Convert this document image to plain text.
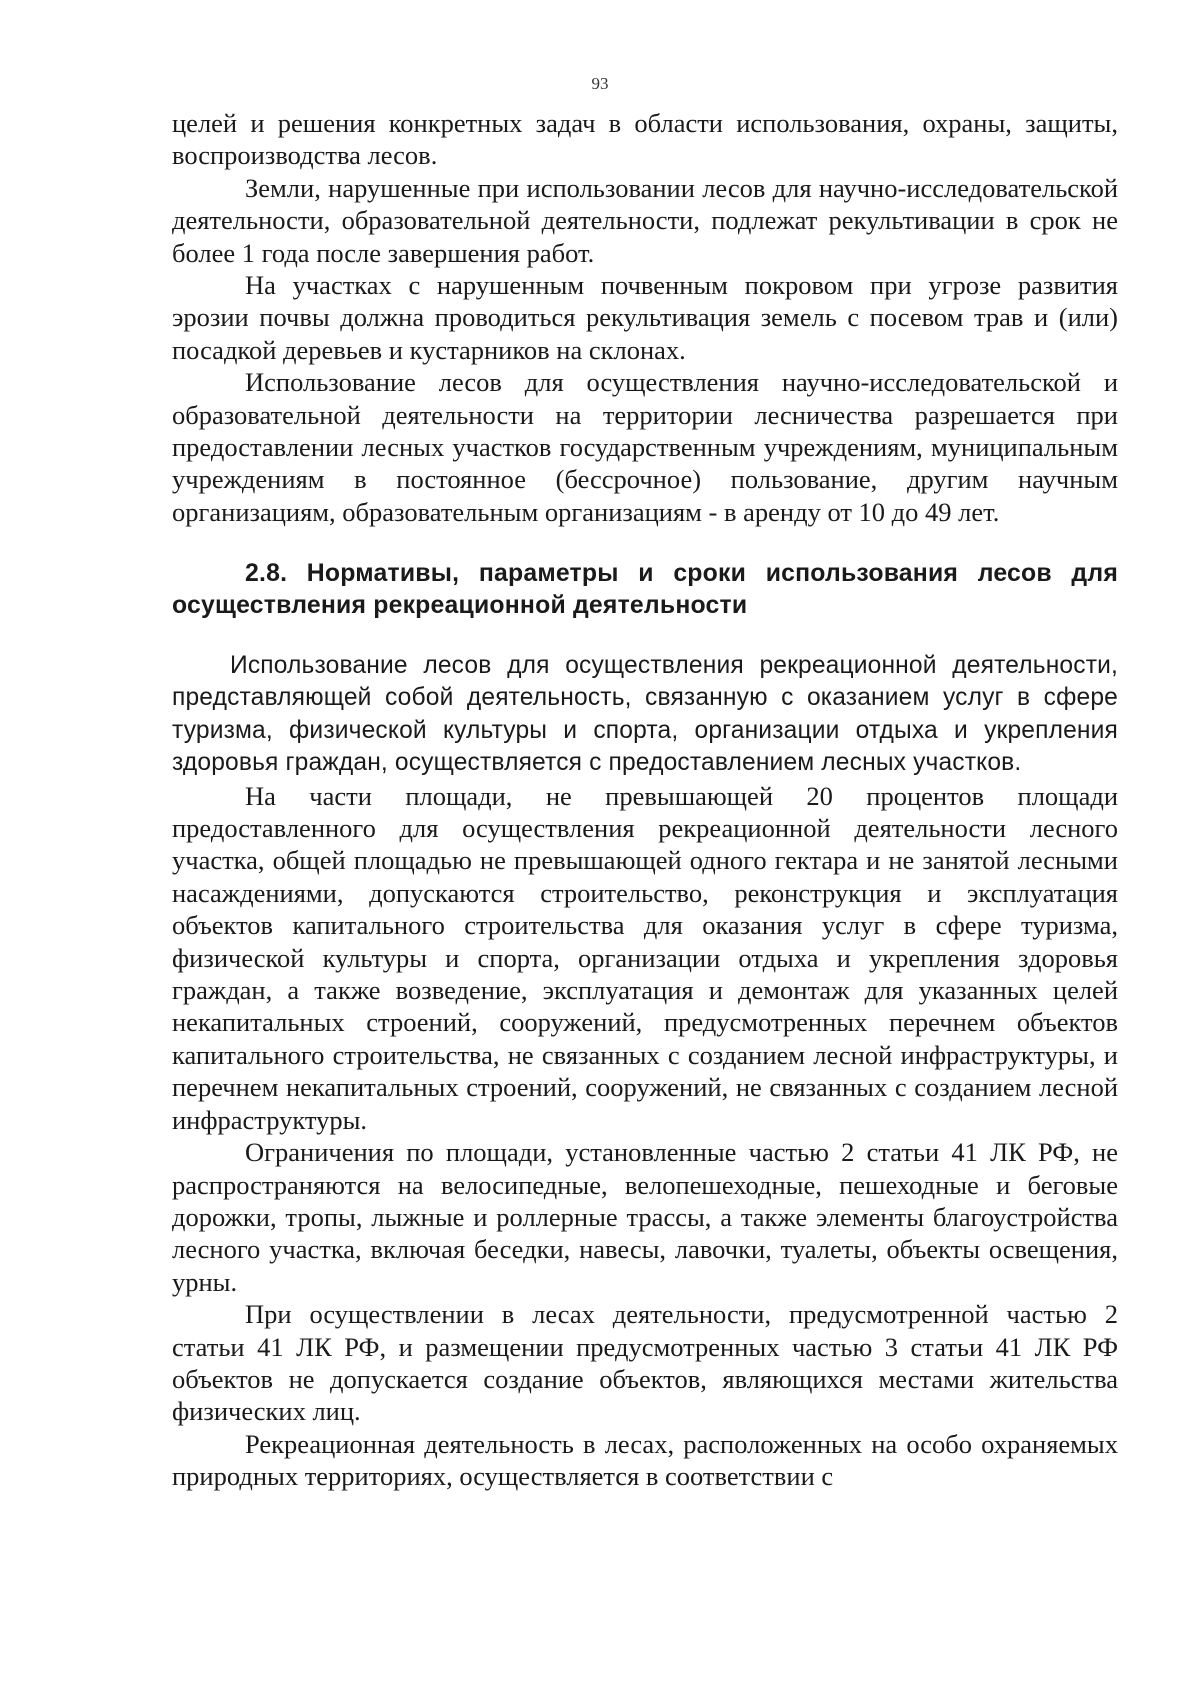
93

целей и решения конкретных задач в области использования, охраны, защиты, воспроизводства лесов.

Земли, нарушенные при использовании лесов для научно-исследовательской деятельности, образовательной деятельности, подлежат рекультивации в срок не более 1 года после завершения работ.

На участках с нарушенным почвенным покровом при угрозе развития эрозии почвы должна проводиться рекультивация земель с посевом трав и (или) посадкой деревьев и кустарников на склонах.

Использование лесов для осуществления научно-исследовательской и образовательной деятельности на территории лесничества разрешается при предоставлении лесных участков государственным учреждениям, муниципальным учреждениям в постоянное (бессрочное) пользование, другим научным организациям, образовательным организациям - в аренду от 10 до 49 лет.

2.8. Нормативы, параметры и сроки использования лесов для осуществления рекреационной деятельности

Использование лесов для осуществления рекреационной деятельности, представляющей собой деятельность, связанную с оказанием услуг в сфере туризма, физической культуры и спорта, организации отдыха и укрепления здоровья граждан, осуществляется с предоставлением лесных участков.

На части площади, не превышающей 20 процентов площади предоставленного для осуществления рекреационной деятельности лесного участка, общей площадью не превышающей одного гектара и не занятой лесными насаждениями, допускаются строительство, реконструкция и эксплуатация объектов капитального строительства для оказания услуг в сфере туризма, физической культуры и спорта, организации отдыха и укрепления здоровья граждан, а также возведение, эксплуатация и демонтаж для указанных целей некапитальных строений, сооружений, предусмотренных перечнем объектов капитального строительства, не связанных с созданием лесной инфраструктуры, и перечнем некапитальных строений, сооружений, не связанных с созданием лесной инфраструктуры.

Ограничения по площади, установленные частью 2 статьи 41 ЛК РФ, не распространяются на велосипедные, велопешеходные, пешеходные и беговые дорожки, тропы, лыжные и роллерные трассы, а также элементы благоустройства лесного участка, включая беседки, навесы, лавочки, туалеты, объекты освещения, урны.

При осуществлении в лесах деятельности, предусмотренной частью 2 статьи 41 ЛК РФ, и размещении предусмотренных частью 3 статьи 41 ЛК РФ объектов не допускается создание объектов, являющихся местами жительства физических лиц.

Рекреационная деятельность в лесах, расположенных на особо охраняемых природных территориях, осуществляется в соответствии с
